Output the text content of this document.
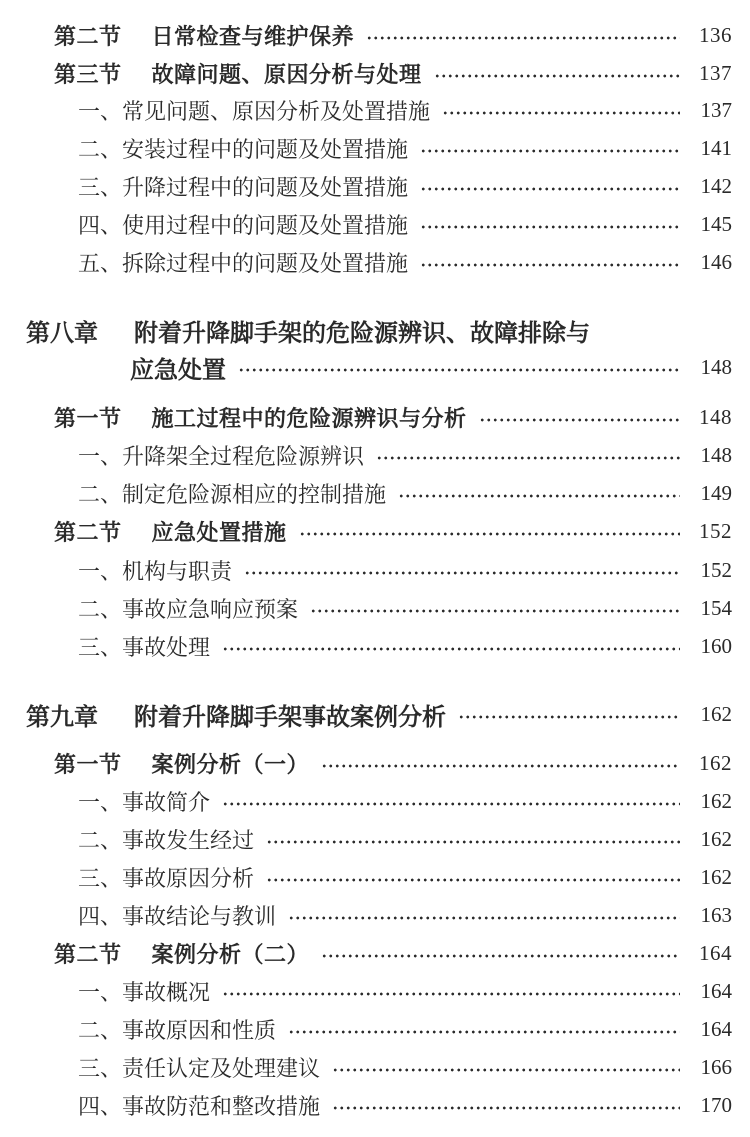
第二节 日常检查与维护保养	136
第三节 故障问题、原因分析与处理	137
一、常见问题、原因分析及处置措施	137
二、安装过程中的问题及处置措施	141
三、升降过程中的问题及处置措施	142
四、使用过程中的问题及处置措施	145
五、拆除过程中的问题及处置措施	146
第八章 附着升降脚手架的危险源辨识、故障排除与
应急处置	148
第一节 施工过程中的危险源辨识与分析	148
一、升降架全过程危险源辨识	148
二、制定危险源相应的控制措施	149
第二节 应急处置措施	152
一、机构与职责	152
二、事故应急响应预案	154
三、事故处理	160
第九章 附着升降脚手架事故案例分析	162
第一节 案例分析（一）	162
一、事故简介	162
二、事故发生经过	162
三、事故原因分析	162
四、事故结论与教训	163
第二节 案例分析（二）	164
一、事故概况	164
二、事故原因和性质	164
三、责任认定及处理建议	166
四、事故防范和整改措施	170
